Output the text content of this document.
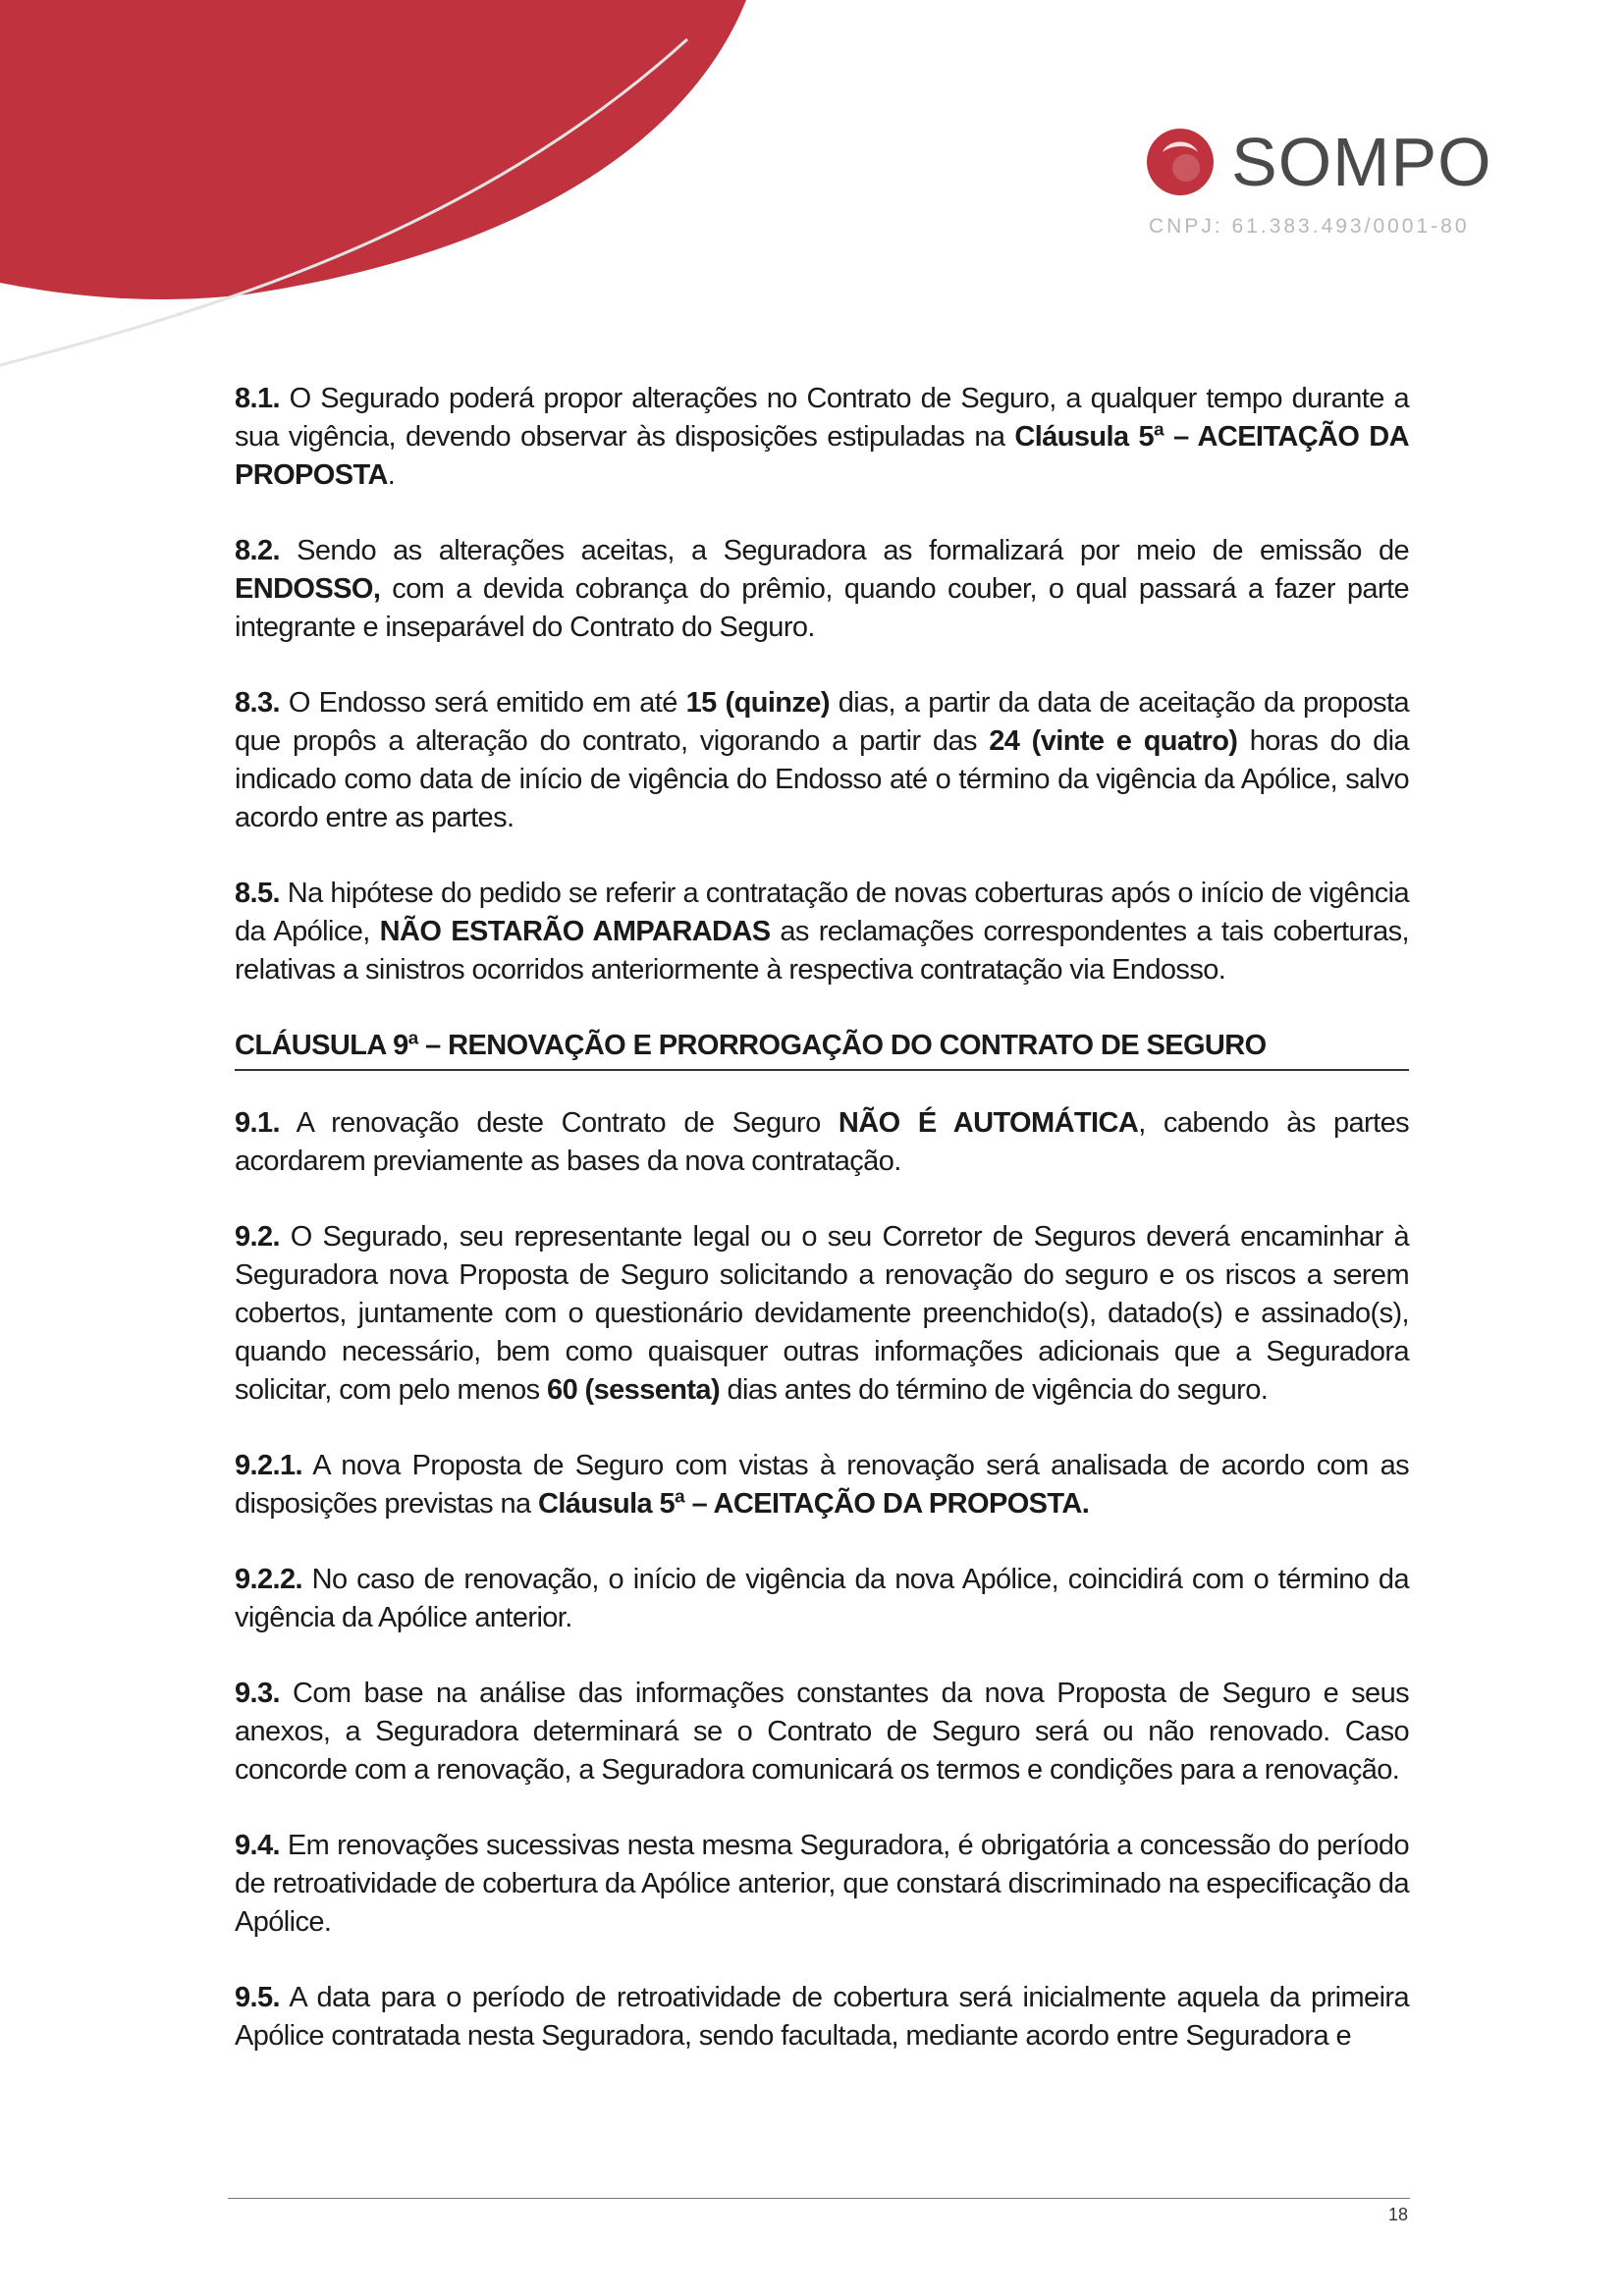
SOMPO
CNPJ: 61.383.493/0001-80

8.1. O Segurado poderá propor alterações no Contrato de Seguro, a qualquer tempo durante a sua vigência, devendo observar às disposições estipuladas na Cláusula 5ª – ACEITAÇÃO DA PROPOSTA.

8.2. Sendo as alterações aceitas, a Seguradora as formalizará por meio de emissão de ENDOSSO, com a devida cobrança do prêmio, quando couber, o qual passará a fazer parte integrante e inseparável do Contrato do Seguro.

8.3. O Endosso será emitido em até 15 (quinze) dias, a partir da data de aceitação da proposta que propôs a alteração do contrato, vigorando a partir das 24 (vinte e quatro) horas do dia indicado como data de início de vigência do Endosso até o término da vigência da Apólice, salvo acordo entre as partes.

8.5. Na hipótese do pedido se referir a contratação de novas coberturas após o início de vigência da Apólice, NÃO ESTARÃO AMPARADAS as reclamações correspondentes a tais coberturas, relativas a sinistros ocorridos anteriormente à respectiva contratação via Endosso.

CLÁUSULA 9ª – RENOVAÇÃO E PRORROGAÇÃO DO CONTRATO DE SEGURO

9.1. A renovação deste Contrato de Seguro NÃO É AUTOMÁTICA, cabendo às partes acordarem previamente as bases da nova contratação.

9.2. O Segurado, seu representante legal ou o seu Corretor de Seguros deverá encaminhar à Seguradora nova Proposta de Seguro solicitando a renovação do seguro e os riscos a serem cobertos, juntamente com o questionário devidamente preenchido(s), datado(s) e assinado(s), quando necessário, bem como quaisquer outras informações adicionais que a Seguradora solicitar, com pelo menos 60 (sessenta) dias antes do término de vigência do seguro.

9.2.1. A nova Proposta de Seguro com vistas à renovação será analisada de acordo com as disposições previstas na Cláusula 5ª – ACEITAÇÃO DA PROPOSTA.

9.2.2. No caso de renovação, o início de vigência da nova Apólice, coincidirá com o término da vigência da Apólice anterior.

9.3. Com base na análise das informações constantes da nova Proposta de Seguro e seus anexos, a Seguradora determinará se o Contrato de Seguro será ou não renovado. Caso concorde com a renovação, a Seguradora comunicará os termos e condições para a renovação.

9.4. Em renovações sucessivas nesta mesma Seguradora, é obrigatória a concessão do período de retroatividade de cobertura da Apólice anterior, que constará discriminado na especificação da Apólice.

9.5. A data para o período de retroatividade de cobertura será inicialmente aquela da primeira Apólice contratada nesta Seguradora, sendo facultada, mediante acordo entre Seguradora e

18
